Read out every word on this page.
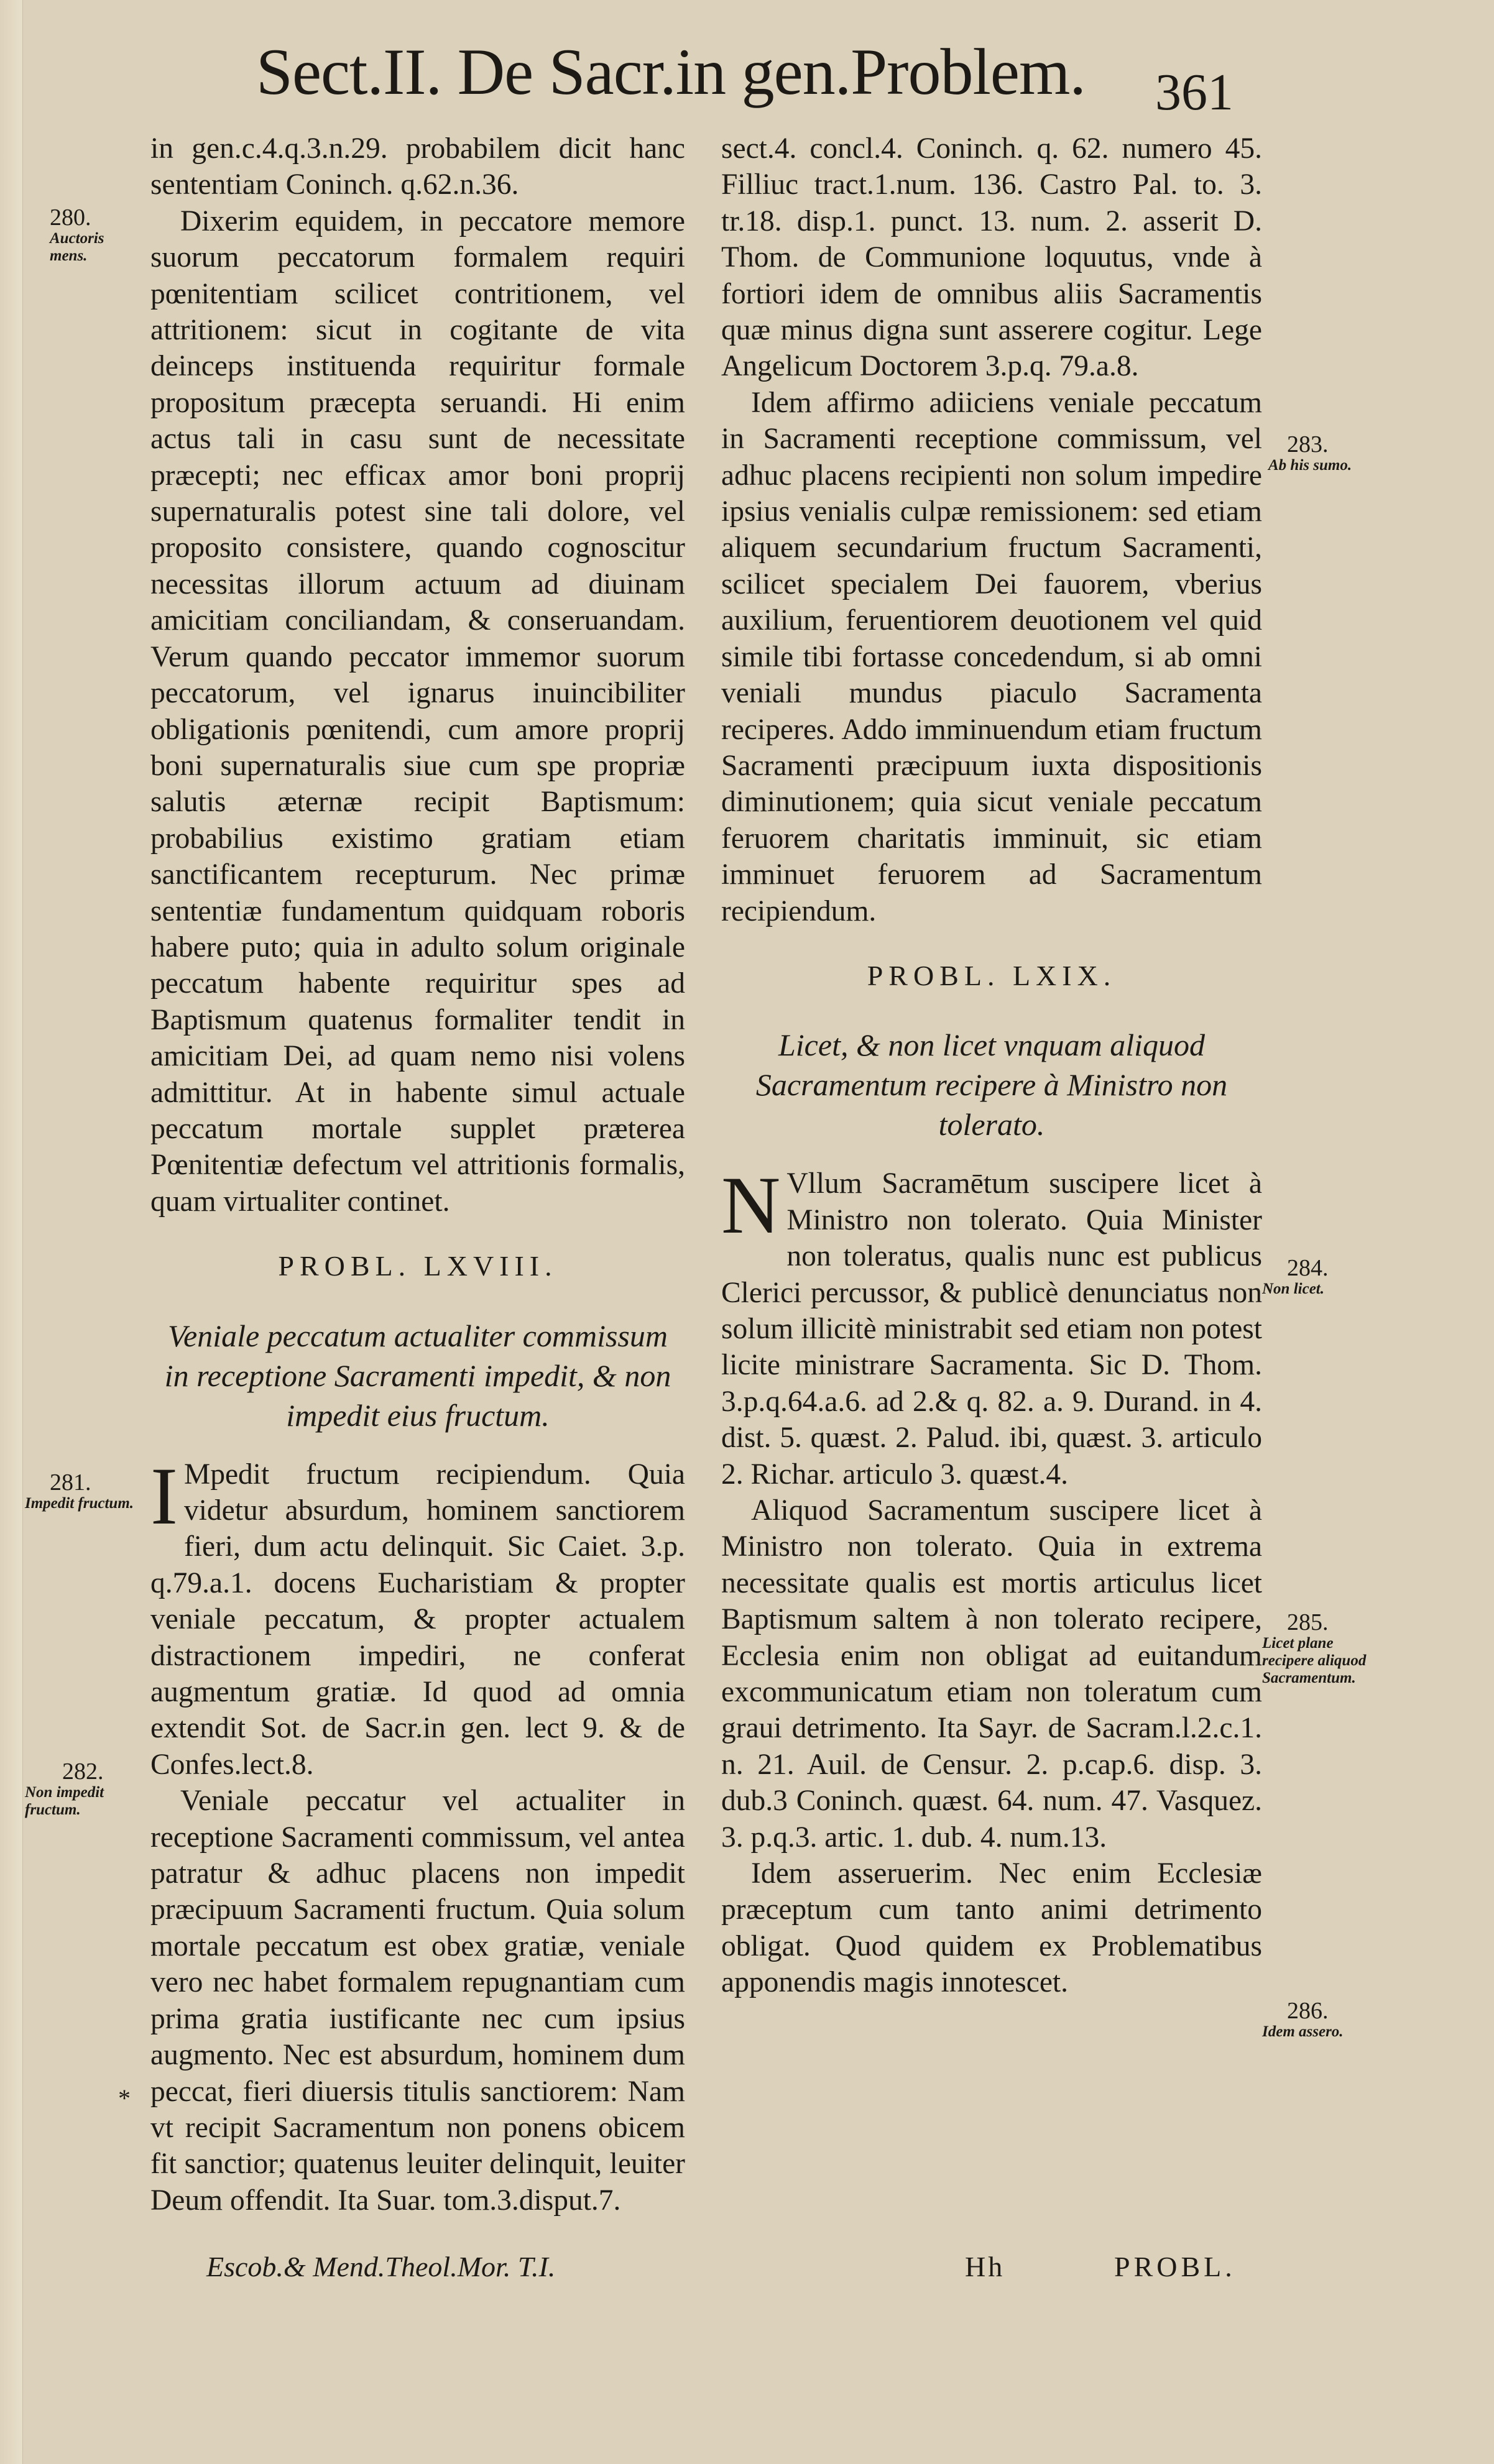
Sect.II. De Sacr.in gen.Problem. 361

in gen.c.4.q.3.n.29. probabilem dicit hanc sententiam Coninch. q.62.n.36.

Dixerim equidem, in peccatore memore suorum peccatorum formalem requiri pœnitentiam scilicet contritionem, vel attritionem: sicut in cogitante de vita deinceps instituenda requiritur formale propositum præcepta seruandi. Hi enim actus tali in casu sunt de necessitate præcepti; nec efficax amor boni proprij supernaturalis potest sine tali dolore, vel proposito consistere, quando cognoscitur necessitas illorum actuum ad diuinam amicitiam conciliandam, & conseruandam. Verum quando peccator immemor suorum peccatorum, vel ignarus inuincibiliter obligationis pœnitendi, cum amore proprij boni supernaturalis siue cum spe propriæ salutis æternæ recipit Baptismum: probabilius existimo gratiam etiam sanctificantem recepturum. Nec primæ sententiæ fundamentum quidquam roboris habere puto; quia in adulto solum originale peccatum habente requiritur spes ad Baptismum quatenus formaliter tendit in amicitiam Dei, ad quam nemo nisi volens admittitur. At in habente simul actuale peccatum mortale supplet præterea Pœnitentiæ defectum vel attritionis formalis, quam virtualiter continet.

PROBL. LXVIII.
Veniale peccatum actualiter commissum in receptione Sacramenti impedit, & non impedit eius fructum.

I Mpedit fructum recipiendum. Quia videtur absurdum, hominem sanctiorem fieri, dum actu delinquit. Sic Caiet. 3.p. q.79.a.1. docens Eucharistiam & propter veniale peccatum, & propter actualem distractionem impediri, ne conferat augmentum gratiæ. Id quod ad omnia extendit Sot. de Sacr.in gen. lect 9. & de Confes.lect.8.

Veniale peccatur vel actualiter in receptione Sacramenti commissum, vel antea patratur & adhuc placens non impedit præcipuum Sacramenti fructum. Quia solum mortale peccatum est obex gratiæ, veniale vero nec habet formalem repugnantiam cum prima gratia iustificante nec cum ipsius augmento. Nec est absurdum, hominem dum peccat, fieri diuersis titulis sanctiorem: Nam vt recipit Sacramentum non ponens obicem fit sanctior; quatenus leuiter delinquit, leuiter Deum offendit. Ita Suar. tom.3.disput.7.

sect.4. concl.4. Coninch. q. 62. numero 45. Filliuc tract.1.num. 136. Castro Pal. to. 3. tr.18. disp.1. punct. 13. num. 2. asserit D. Thom. de Communione loquutus, vnde à fortiori idem de omnibus aliis Sacramentis quæ minus digna sunt asserere cogitur. Lege Angelicum Doctorem 3.p.q. 79.a.8.

Idem affirmo adiiciens veniale peccatum in Sacramenti receptione commissum, vel adhuc placens recipienti non solum impedire ipsius venialis culpæ remissionem: sed etiam aliquem secundarium fructum Sacramenti, scilicet specialem Dei fauorem, vberius auxilium, feruentiorem deuotionem vel quid simile tibi fortasse concedendum, si ab omni veniali mundus piaculo Sacramenta reciperes. Addo imminuendum etiam fructum Sacramenti præcipuum iuxta dispositionis diminutionem; quia sicut veniale peccatum feruorem charitatis imminuit, sic etiam imminuet feruorem ad Sacramentum recipiendum.

PROBL. LXIX.
Licet, & non licet vnquam aliquod Sacramentum recipere à Ministro non tolerato.

N Vllum Sacramētum suscipere licet à Ministro non tolerato. Quia Minister non toleratus, qualis nunc est publicus Clerici percussor, & publicè denunciatus non solum illicitè ministrabit sed etiam non potest licite ministrare Sacramenta. Sic D. Thom. 3.p.q.64.a.6. ad 2.& q. 82. a. 9. Durand. in 4. dist. 5. quæst. 2. Palud. ibi, quæst. 3. articulo 2. Richar. articulo 3. quæst.4.

Aliquod Sacramentum suscipere licet à Ministro non tolerato. Quia in extrema necessitate qualis est mortis articulus licet Baptismum saltem à non tolerato recipere, Ecclesia enim non obligat ad euitandum excommunicatum etiam non toleratum cum graui detrimento. Ita Sayr. de Sacram.l.2.c.1. n. 21. Auil. de Censur. 2. p.cap.6. disp. 3. dub.3 Coninch. quæst. 64. num. 47. Vasquez. 3. p.q.3. artic. 1. dub. 4. num.13.

Idem asseruerim. Nec enim Ecclesiæ præceptum cum tanto animi detrimento obligat. Quod quidem ex Problematibus apponendis magis innotescet.

280.
Auctoris mens.
281.
Impedit fructum.
282.
Non impedit fructum.
*
283.
Ab his sumo.
284.
Non licet.
285.
Licet plane recipere aliquod Sacramentum.
286.
Idem assero.
Escob.& Mend.Theol.Mor. T.I.	Hh	PROBL.
